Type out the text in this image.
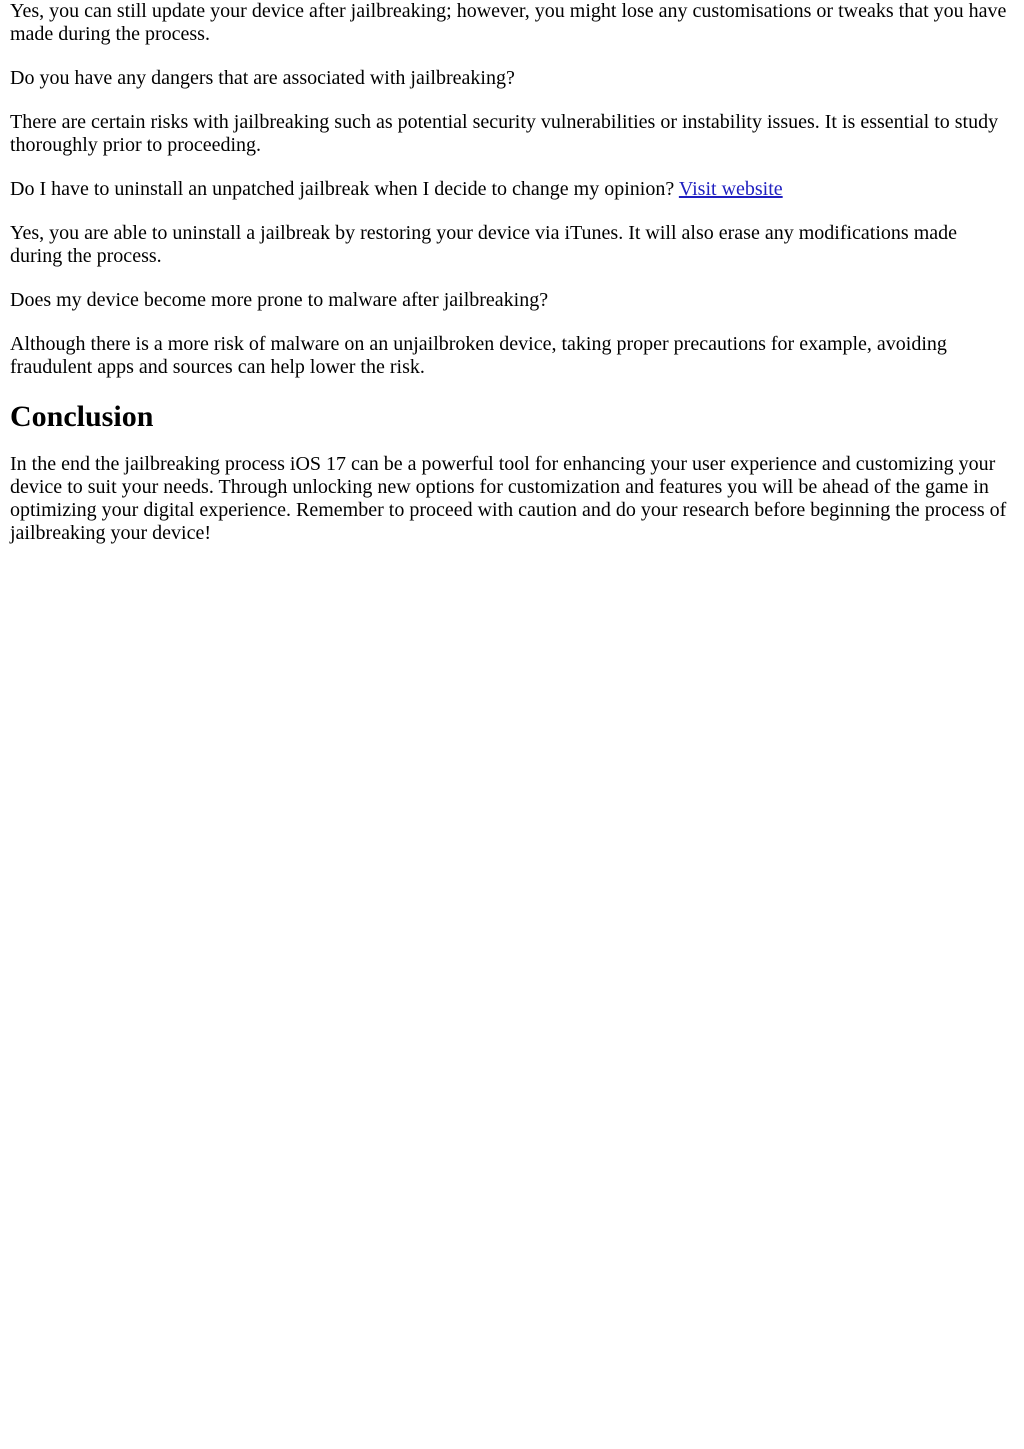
Yes, you can still update your device after jailbreaking; however, you might lose any customisations or tweaks that you have made during the process.

Do you have any dangers that are associated with jailbreaking?

There are certain risks with jailbreaking such as potential security vulnerabilities or instability issues. It is essential to study thoroughly prior to proceeding.

Do I have to uninstall an unpatched jailbreak when I decide to change my opinion? Visit website

Yes, you are able to uninstall a jailbreak by restoring your device via iTunes. It will also erase any modifications made during the process.

Does my device become more prone to malware after jailbreaking?

Although there is a more risk of malware on an unjailbroken device, taking proper precautions for example, avoiding fraudulent apps and sources can help lower the risk.

Conclusion

In the end the jailbreaking process iOS 17 can be a powerful tool for enhancing your user experience and customizing your device to suit your needs. Through unlocking new options for customization and features you will be ahead of the game in optimizing your digital experience. Remember to proceed with caution and do your research before beginning the process of jailbreaking your device!
